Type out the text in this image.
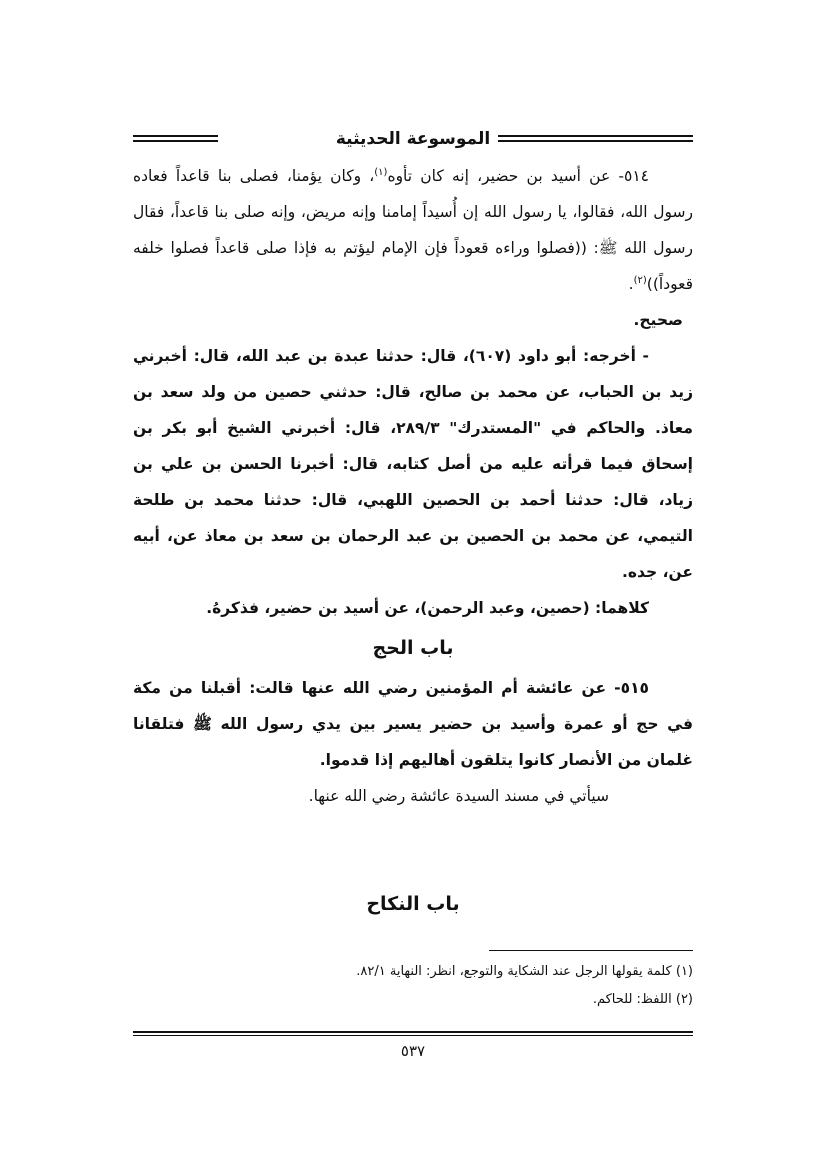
الموسوعة الحديثية

٥١٤- عن أسيد بن حضير، إنه كان تأوه$^{(١)}$، وكان يؤمنا، فصلى بنا قاعداً فعاده رسول الله، فقالوا، يا رسول الله إن أُسيداً إمامنا وإنه مريض، وإنه صلى بنا قاعداً، فقال رسول الله ﷺ: ((فصلوا وراءه قعوداً فإن الإمام ليؤتم به فإذا صلى قاعداً فصلوا خلفه قعوداً))$^{(٢)}$.

صحيح.

- أخرجه: أبو داود (٦٠٧)، قال: حدثنا عبدة بن عبد الله، قال: أخبرني زيد بن الحباب، عن محمد بن صالح، قال: حدثني حصين من ولد سعد بن معاذ. والحاكم في "المستدرك" ٢٨٩/٣، قال: أخبرني الشيخ أبو بكر بن إسحاق فيما قرأته عليه من أصل كتابه، قال: أخبرنا الحسن بن علي بن زياد، قال: حدثنا أحمد بن الحصين اللهبي، قال: حدثنا محمد بن طلحة التيمي، عن محمد بن الحصين بن عبد الرحمان بن سعد بن معاذ عن، أبيه عن، جده.

كلاهما: (حصين، وعبد الرحمن)، عن أسيد بن حضير، فذكرهُ.

باب الحج

٥١٥- عن عائشة أم المؤمنين رضي الله عنها قالت: أقبلنا من مكة في حج أو عمرة وأسيد بن حضير يسير بين يدي رسول الله ﷺ فتلقانا غلمان من الأنصار كانوا يتلقون أهاليهم إذا قدموا.

سيأتي في مسند السيدة عائشة رضي الله عنها.

باب النكاح
(١) كلمة يقولها الرجل عند الشكاية والتوجع، انظر: النهاية ٨٢/١.
(٢) اللفظ: للحاكم.
٥٣٧
